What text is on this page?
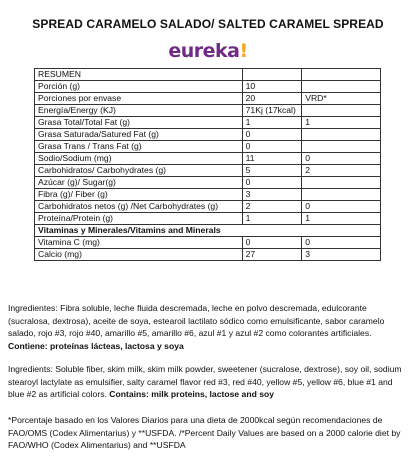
SPREAD CARAMELO SALADO/ SALTED CARAMEL SPREAD
eureka!
RESUMEN		
Porción (g)	10	
Porciones por envase	20	VRD*
Energía/Energy (KJ)	71Kj (17kcal)	
Grasa Total/Total Fat (g)	1	1
Grasa Saturada/Satured Fat (g)	0	
Grasa Trans / Trans Fat (g)	0	
Sodio/Sodium (mg)	11	0
Carbohidratos/ Carbohydrates (g)	5	2
Azúcar (g)/ Sugar(g)	0	
Fibra (g)/ Fiber (g)	3	
Carbohidratos netos (g) /Net Carbohydrates (g)	2	0
Proteína/Protein (g)	1	1
Vitaminas y Minerales/Vitamins and Minerals		
Vitamina C (mg)	0	0
Calcio (mg)	27	3

Ingredientes: Fibra soluble, leche fluida descremada, leche en polvo descremada, edulcorante (sucralosa, dextrosa), aceite de soya, estearoil lactilato sódico como emulsificante, sabor caramelo salado, rojo #3, rojo #40, amarillo #5, amarillo #6, azul #1 y azul #2 como colorantes artificiales. Contiene: proteínas lácteas, lactosa y soya

Ingredients: Soluble fiber, skim milk, skim milk powder, sweetener (sucralose, dextrose), soy oil, sodium stearoyl lactylate as emulsifier, salty caramel flavor red #3, red #40, yellow #5, yellow #6, blue #1 and blue #2 as artificial colors. Contains: milk proteins, lactose and soy

*Porcentaje basado en los Valores Diarios para una dieta de 2000kcal según recomendaciones de FAO/OMS (Codex Alimentarius) y **USFDA. /*Percent Daily Values are based on a 2000 calorie diet by FAO/WHO (Codex Alimentarius) and **USFDA
